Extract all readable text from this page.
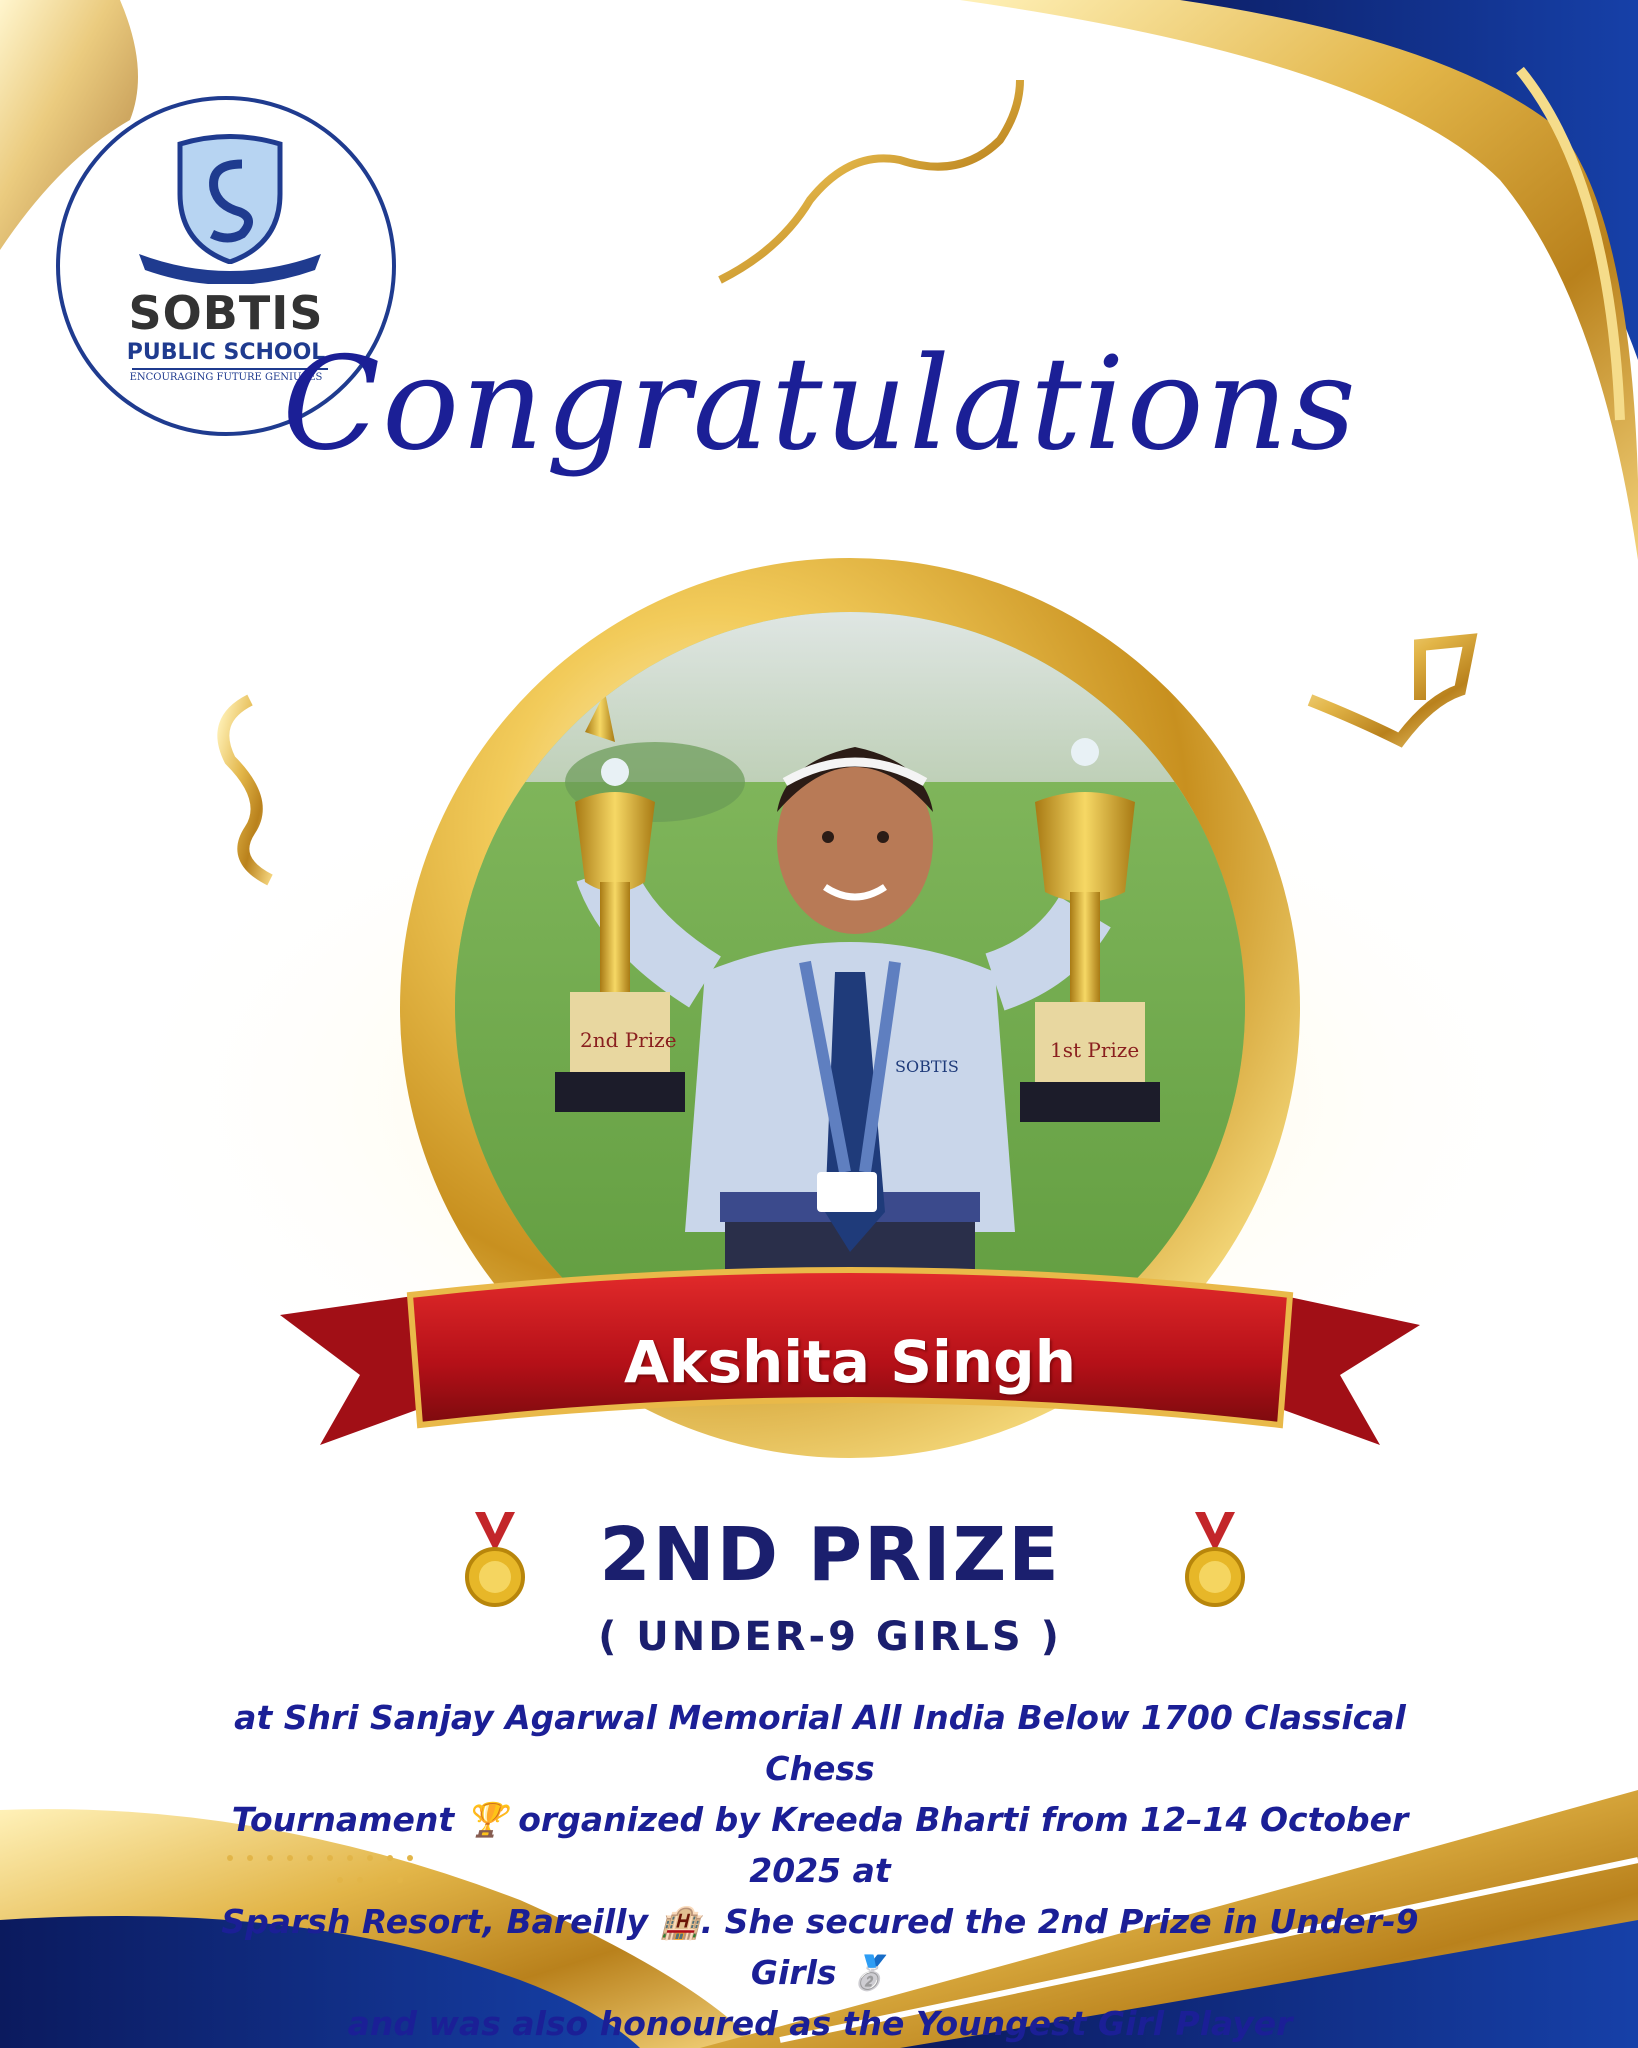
SOBTIS
PUBLIC SCHOOL
ENCOURAGING FUTURE GENIUSES
Congratulations
2nd Prize	1st Prize
SOBTIS
Akshita Singh
2ND PRIZE
( UNDER-9 GIRLS )
at Shri Sanjay Agarwal Memorial All India Below 1700 Classical Chess
Tournament 🏆 organized by Kreeda Bharti from 12–14 October 2025 at
Sparsh Resort, Bareilly 🏨. She secured the 2nd Prize in Under-9 Girls 🥈
and was also honoured as the Youngest Girl Player
